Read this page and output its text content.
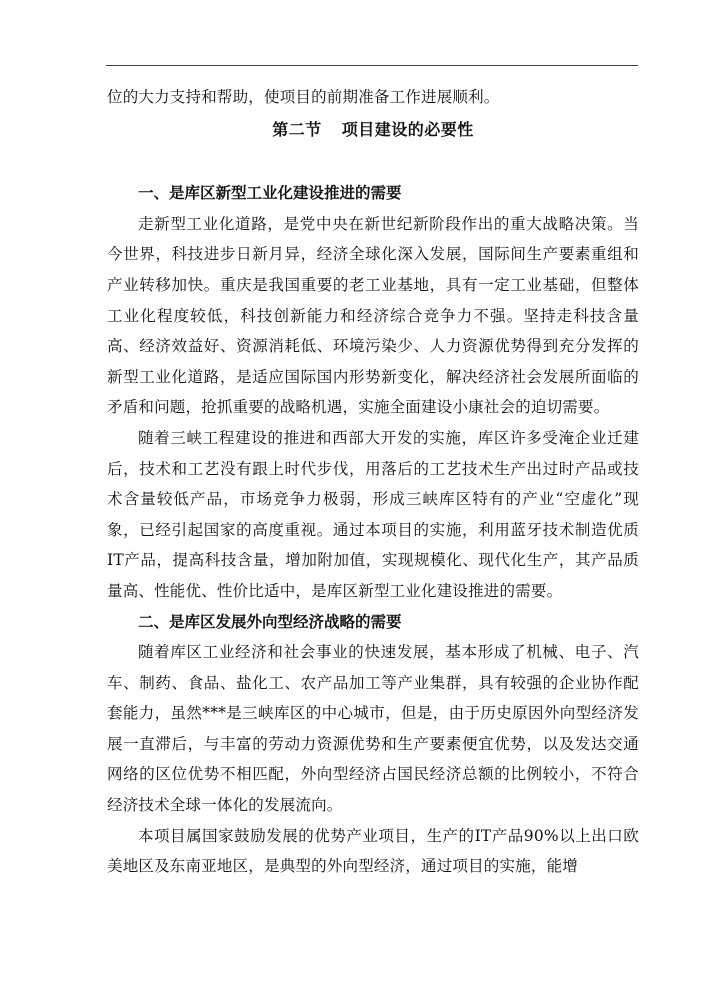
位的大力支持和帮助，使项目的前期准备工作进展顺利。

第二节 项目建设的必要性
一、是库区新型工业化建设推进的需要

走新型工业化道路，是党中央在新世纪新阶段作出的重大战略决策。当今世界，科技进步日新月异，经济全球化深入发展，国际间生产要素重组和产业转移加快。重庆是我国重要的老工业基地，具有一定工业基础，但整体工业化程度较低，科技创新能力和经济综合竞争力不强。坚持走科技含量高、经济效益好、资源消耗低、环境污染少、人力资源优势得到充分发挥的新型工业化道路，是适应国际国内形势新变化，解决经济社会发展所面临的矛盾和问题，抢抓重要的战略机遇，实施全面建设小康社会的迫切需要。

随着三峡工程建设的推进和西部大开发的实施，库区许多受淹企业迁建后，技术和工艺没有跟上时代步伐，用落后的工艺技术生产出过时产品或技术含量较低产品，市场竞争力极弱，形成三峡库区特有的产业“空虚化”现象，已经引起国家的高度重视。通过本项目的实施，利用蓝牙技术制造优质IT产品，提高科技含量，增加附加值，实现规模化、现代化生产，其产品质量高、性能优、性价比适中，是库区新型工业化建设推进的需要。

二、是库区发展外向型经济战略的需要

随着库区工业经济和社会事业的快速发展，基本形成了机械、电子、汽车、制药、食品、盐化工、农产品加工等产业集群，具有较强的企业协作配套能力，虽然***是三峡库区的中心城市，但是，由于历史原因外向型经济发展一直滞后，与丰富的劳动力资源优势和生产要素便宜优势，以及发达交通网络的区位优势不相匹配，外向型经济占国民经济总额的比例较小，不符合经济技术全球一体化的发展流向。

本项目属国家鼓励发展的优势产业项目，生产的IT产品90%以上出口欧美地区及东南亚地区，是典型的外向型经济，通过项目的实施，能增
